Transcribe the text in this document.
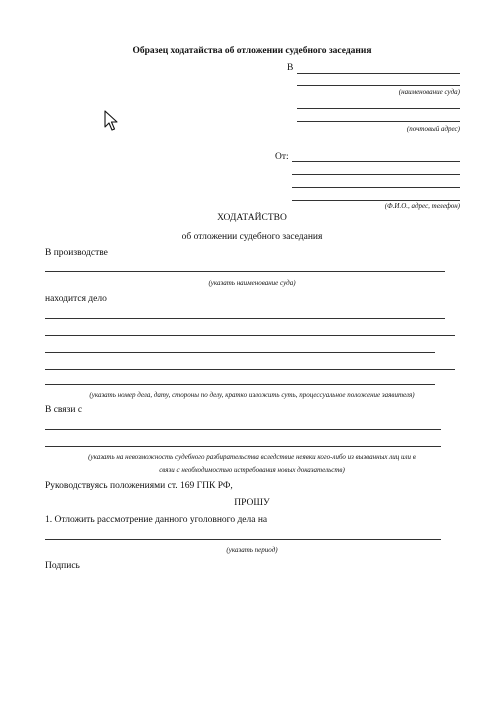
Образец ходатайства об отложении судебного заседания
В
(наименование суда)
(почтовый адрес)
От:
(Ф.И.О., адрес, телефон)
ХОДАТАЙСТВО
об отложении судебного заседания
В производстве
(указать наименование суда)
находится дело
(указать номер дела, дату, стороны по делу, кратко изложить суть, процессуальное положение заявителя)
В связи с
(указать на невозможность судебного разбирательства вследствие неявки кого-либо из вызванных лиц или в
связи с необходимостью истребования новых доказательств)
Руководствуясь положениями ст. 169 ГПК РФ,
ПРОШУ
1. Отложить рассмотрение данного уголовного дела на
(указать период)
Подпись
